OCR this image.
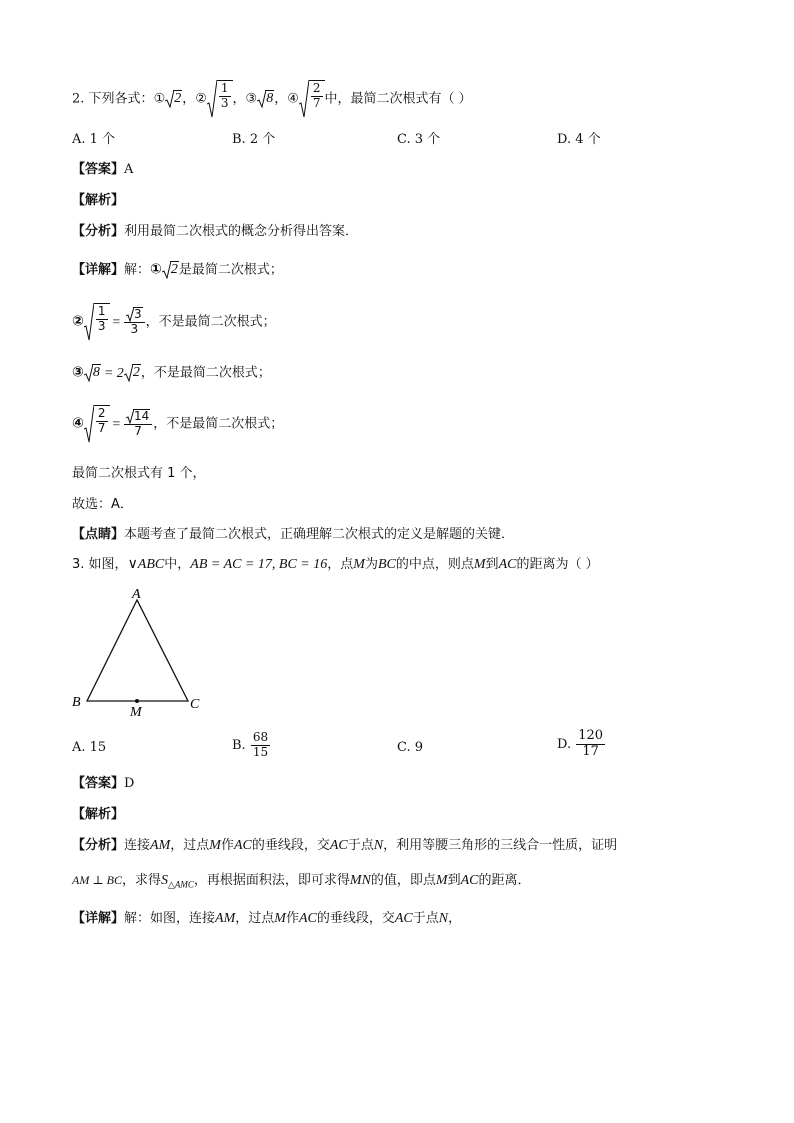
2. 下列各式：① 2，② $\frac{1}{3}$ ，③ 8，④ $\frac{2}{7}$ 中，最简二次根式有（ ）
A. 1 个	B. 2 个	C. 3 个	D. 4 个
【答案】A
【解析】
【分析】利用最简二次根式的概念分析得出答案．
【详解】解：① 2是最简二次根式；
② $\frac{1}{3} = \frac{3}{3}$ ，不是最简二次根式；
③ 8 = 2 2，不是最简二次根式；
④ $\frac{2}{7} = \frac{14}{7}$ ，不是最简二次根式；
最简二次根式有 1 个，
故选：A．
【点睛】本题考查了最简二次根式，正确理解二次根式的定义是解题的关键．
3. 如图，∨ABC中，AB = AC = 17, BC = 16，点M为BC的中点，则点M到AC的距离为（ ）
A
B	C
M
A. 15	B. $\frac{68}{15}$	C. 9	D. $\frac{120}{17}$
【答案】D
【解析】
【分析】连接AM，过点M作AC的垂线段，交AC于点N，利用等腰三角形的三线合一性质，证明
AM ⊥ BC，求得$S_{\triangle AMC}$，再根据面积法，即可求得MN的值，即点M到AC的距离．
【详解】解：如图，连接AM，过点M作AC的垂线段，交AC于点N，
